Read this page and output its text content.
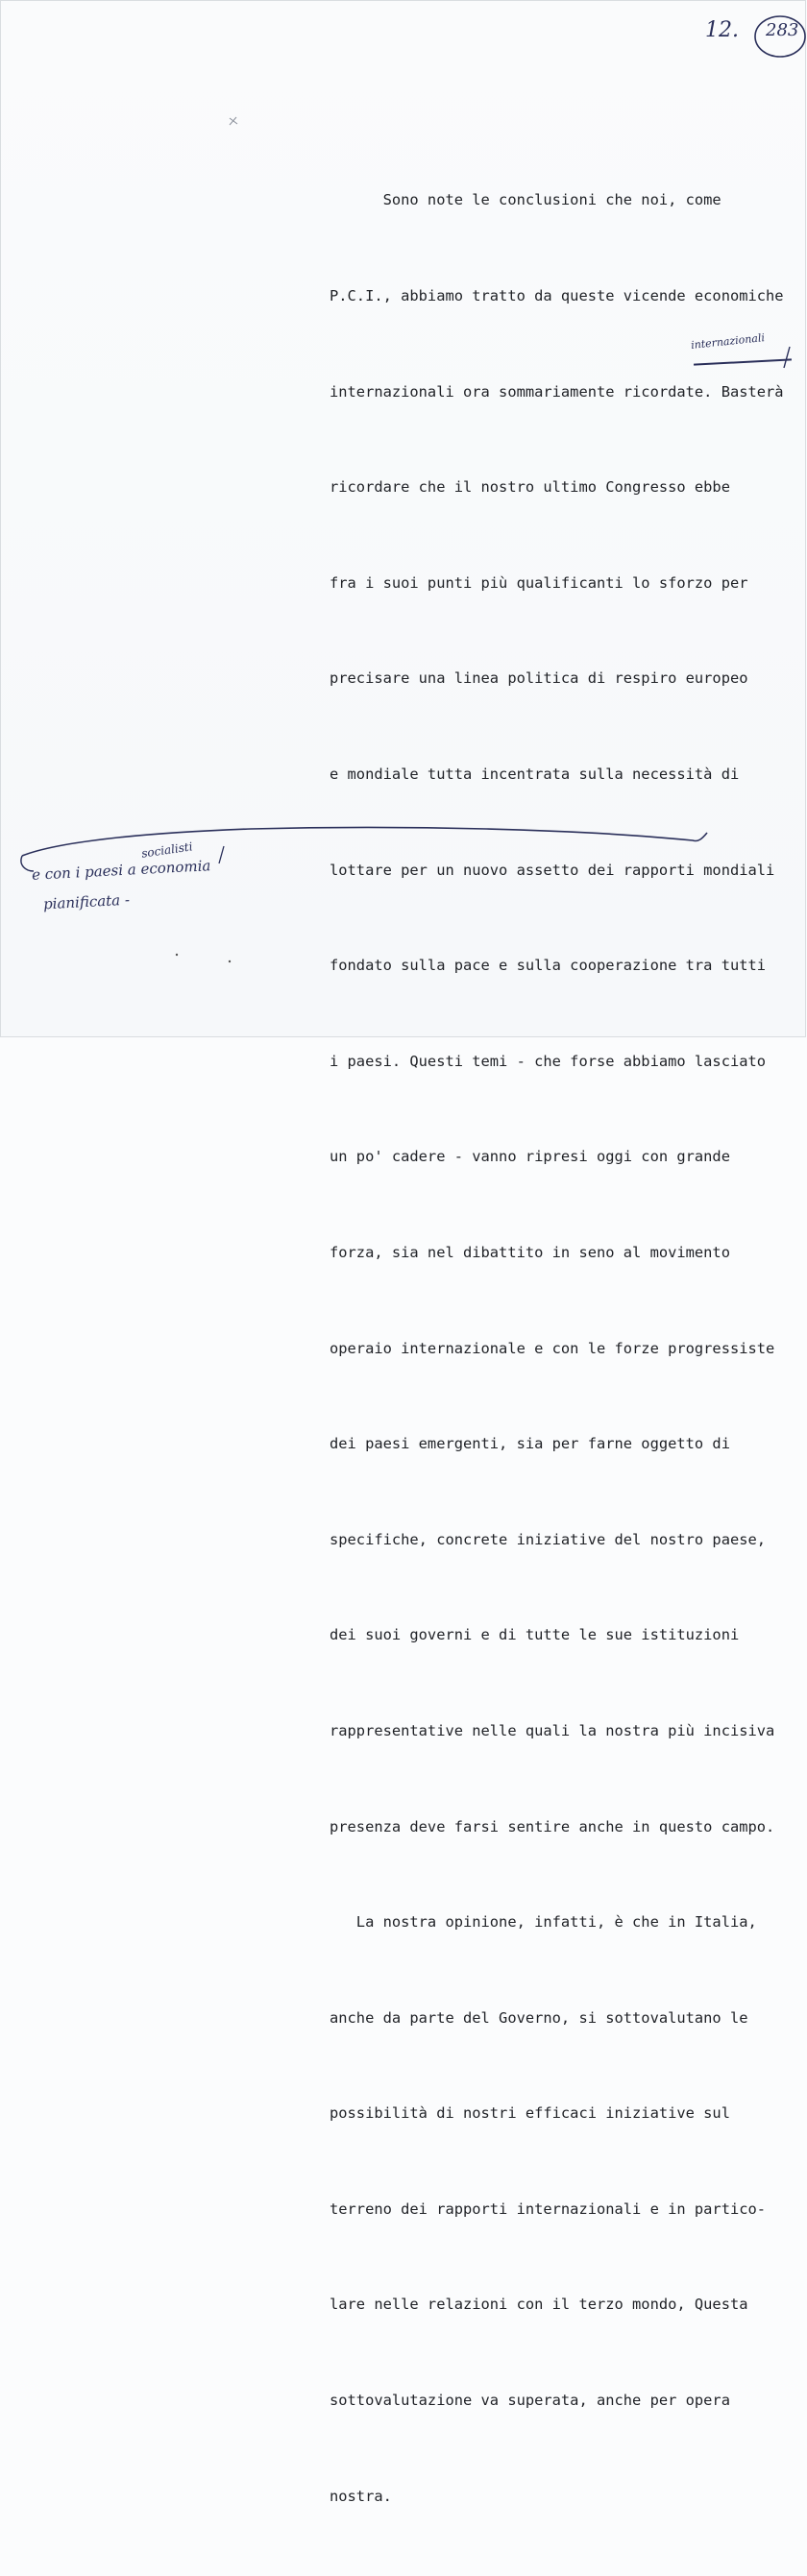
12. 283

Sono note le conclusioni che noi, come

P.C.I., abbiamo tratto da queste vicende economiche

internazionali ora sommariamente ricordate. Basterà

ricordare che il nostro ultimo Congresso ebbe

fra i suoi punti più qualificanti lo sforzo per

precisare una linea politica di respiro europeo

e mondiale tutta incentrata sulla necessità di

lottare per un nuovo assetto dei rapporti mondiali

fondato sulla pace e sulla cooperazione tra tutti

i paesi. Questi temi - che forse abbiamo lasciato

un po' cadere - vanno ripresi oggi con grande

forza, sia nel dibattito in seno al movimento

operaio internazionale e con le forze progressiste

dei paesi emergenti, sia per farne oggetto di

specifiche, concrete iniziative del nostro paese,

dei suoi governi e di tutte le sue istituzioni

rappresentative nelle quali la nostra più incisiva

presenza deve farsi sentire anche in questo campo.

La nostra opinione, infatti, è che in Italia,

anche da parte del Governo, si sottovalutano le

possibilità di nostri efficaci iniziative sul

terreno dei rapporti internazionali e in partico-

lare nelle relazioni con il terzo mondo, Questa

sottovalutazione va superata, anche per opera

nostra.

internazionali
socialisti
e con i paesi a economia
pianificata -
